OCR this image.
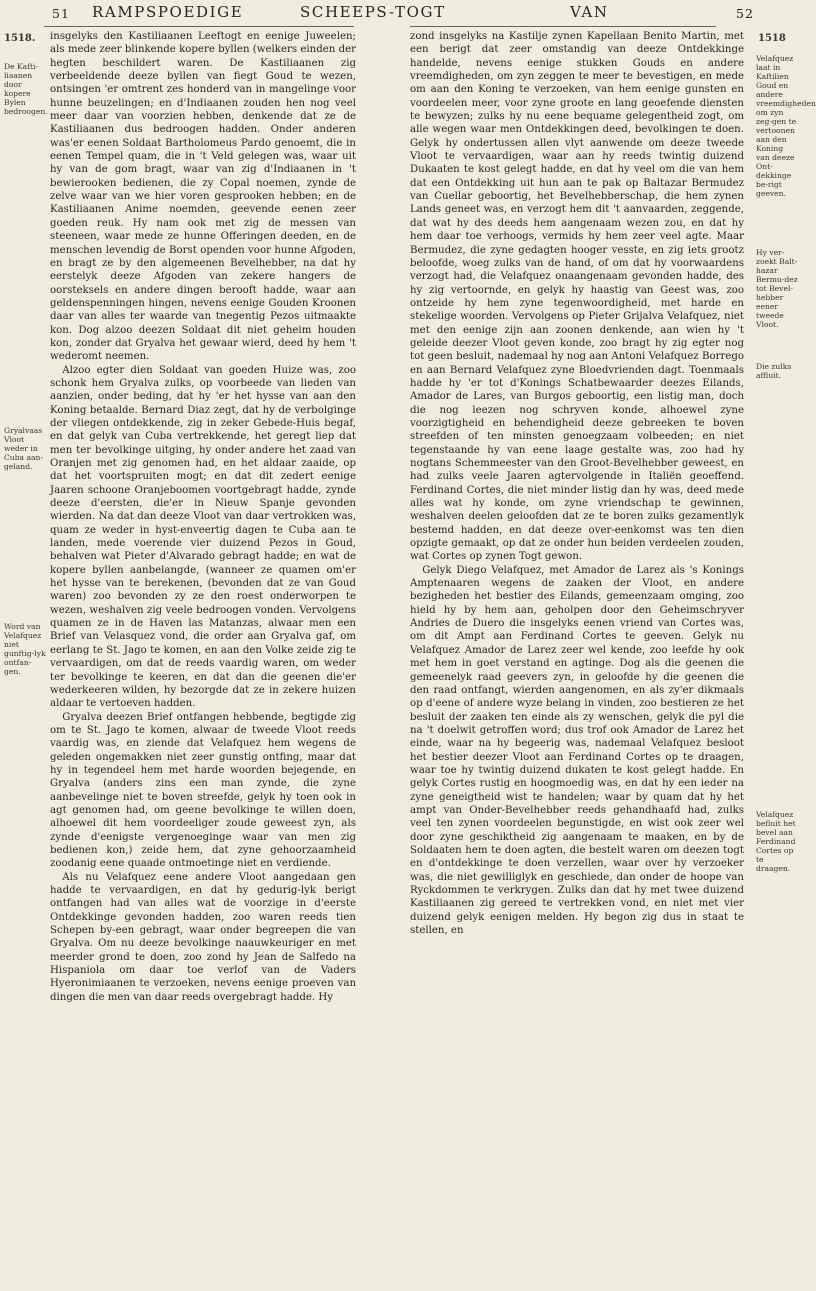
51 RAMPSPOEDIGE	SCHEEPS-TOGT	VAN	52
1518.
De Kafti-liaanen door kopere Bylen bedroogen.
Gryalvaas Vloot weder in Cuba aan-geland.
Word van Velafquez niet gunftig-lyk ontfan-gen.

insgelyks den Kastiliaanen Leeftogt en eenige Juweelen; als mede zeer blinkende kopere byllen (welkers einden der hegten beschildert waren. De Kastiliaanen zig verbeeldende deeze byllen van fiegt Goud te wezen, ontsingen 'er omtrent zes honderd van in mangelinge voor hunne beuzelingen; en d'Indiaanen zouden hen nog veel meer daar van voorzien hebben, denkende dat ze de Kastiliaanen dus bedroogen hadden. Onder anderen was'er eenen Soldaat Bartholomeus Pardo genoemt, die in eenen Tempel quam, die in 't Veld gelegen was, waar uit hy van de gom bragt, waar van zig d'Indiaanen in 't bewierooken bedienen, die zy Copal noemen, zynde de zelve waar van we hier voren gesprooken hebben; en de Kastiliaanen Anime noemden, geevende eenen zeer goeden reuk. Hy nam ook met zig de messen van steeneen, waar mede ze hunne Offeringen deeden, en de menschen levendig de Borst openden voor hunne Afgoden, en bragt ze by den algemeenen Bevelhebber, na dat hy eerstelyk deeze Afgoden van zekere hangers de oorsteksels en andere dingen berooft hadde, waar aan geldenspenningen hingen, nevens eenige Gouden Kroonen daar van alles ter waarde van tnegentig Pezos uitmaakte kon. Dog alzoo deezen Soldaat dit niet geheim houden kon, zonder dat Gryalva het gewaar wierd, deed hy hem 't wederomt neemen.

Alzoo egter dien Soldaat van goeden Huize was, zoo schonk hem Gryalva zulks, op voorbeede van lieden van aanzien, onder beding, dat hy 'er het hysse van aan den Koning betaalde. Bernard Diaz zegt, dat hy de verbolginge der vliegen ontdekkende, zig in zeker Gebede-Huis begaf, en dat gelyk van Cuba vertrekkende, het geregt liep dat men ter bevolkinge uitging, hy onder andere het zaad van Oranjen met zig genomen had, en het aldaar zaaide, op dat het voortspruiten mogt; en dat dit zedert eenige Jaaren schoone Oranjeboomen voortgebragt hadde, zynde deeze d'eersten, die'er in Nieuw Spanje gevonden wierden. Na dat dan deeze Vloot van daar vertrokken was, quam ze weder in hyst-enveertig dagen te Cuba aan te landen, mede voerende vier duizend Pezos in Goud, behalven wat Pieter d'Alvarado gebragt hadde; en wat de kopere byllen aanbelangde, (wanneer ze quamen om'er het hysse van te berekenen, (bevonden dat ze van Goud waren) zoo bevonden zy ze den roest onderworpen te wezen, weshalven zig veele bedroogen vonden. Vervolgens quamen ze in de Haven las Matanzas, alwaar men een Brief van Velasquez vond, die order aan Gryalva gaf, om eerlang te St. Jago te komen, en aan den Volke zeide zig te vervaardigen, om dat de reeds vaardig waren, om weder ter bevolkinge te keeren, en dat dan die geenen die'er wederkeeren wilden, hy bezorgde dat ze in zekere huizen aldaar te vertoeven hadden.

Gryalva deezen Brief ontfangen hebbende, begtigde zig om te St. Jago te komen, alwaar de tweede Vloot reeds vaardig was, en ziende dat Velafquez hem wegens de geleden ongemakken niet zeer gunstig ontfing, maar dat hy in tegendeel hem met harde woorden bejegende, en Gryalva (anders zins een man zynde, die zyne aanbevelinge niet te boven streefde, gelyk hy toen ook in agt genomen had, om geene bevolkinge te willen doen, alhoewel dit hem voordeeliger zoude geweest zyn, als zynde d'eenigste vergenoeginge waar van men zig bedienen kon,) zeide hem, dat zyne gehoorzaamheid zoodanig eene quaade ontmoetinge niet en verdiende.

Als nu Velafquez eene andere Vloot aangedaan gen hadde te vervaardigen, en dat hy gedurig-lyk berigt ontfangen had van alles wat de voorzige in d'eerste Ontdekkinge gevonden hadden, zoo waren reeds tien Schepen by-een gebragt, waar onder begreepen die van Gryalva. Om nu deeze bevolkinge naauwkeuriger en met meerder grond te doen, zoo zond hy Jean de Salfedo na Hispaniola om daar toe verlof van de Vaders Hyeronimiaanen te verzoeken, nevens eenige proeven van dingen die men van daar reeds overgebragt hadde. Hy

1518
Velafquez laat in Kaftilien Goud en andere vreemdigheden om zyn zeg-gen te vertoonen aan den Koning van deeze Ont-dekkinge be-rigt geeven.
Hy ver-zoekt Balt-hazar Bermu-dez tot Bevel-hebber eener tweede Vloot.
Die zulks affluit.
Velafquez befluit het bevel aan Ferdinand Cortes op te draagen.

zond insgelyks na Kastilje zynen Kapellaan Benito Martin, met een berigt dat zeer omstandig van deeze Ontdekkinge handelde, nevens eenige stukken Gouds en andere vreemdigheden, om zyn zeggen te meer te bevestigen, en mede om aan den Koning te verzoeken, van hem eenige gunsten en voordeelen meer, voor zyne groote en lang geoefende diensten te bewyzen; zulks hy nu eene bequame gelegentheid zogt, om alle wegen waar men Ontdekkingen deed, bevolkingen te doen. Gelyk hy ondertussen allen vlyt aanwende om deeze tweede Vloot te vervaardigen, waar aan hy reeds twintig duizend Dukaaten te kost gelegt hadde, en dat hy veel om die van hem dat een Ontdekking uit hun aan te pak op Baltazar Bermudez van Cuellar geboortig, het Bevelhebberschap, die hem zynen Lands geneet was, en verzogt hem dit 't aanvaarden, zeggende, dat wat hy des deeds hem aangenaam wezen zou, en dat hy hem daar toe verhoogs, vermids hy hem zeer veel agte. Maar Bermudez, die zyne gedagten hooger vesste, en zig iets grootz beloofde, woeg zulks van de hand, of om dat hy voorwaardens verzogt had, die Velafquez onaangenaam gevonden hadde, des hy zig vertoornde, en gelyk hy haastig van Geest was, zoo ontzeide hy hem zyne tegenwoordigheid, met harde en stekelige woorden. Vervolgens op Pieter Grijalva Velafquez, niet met den eenige zijn aan zoonen denkende, aan wien hy 't geleide deezer Vloot geven konde, zoo bragt hy zig egter nog tot geen besluit, nademaal hy nog aan Antoni Velafquez Borrego en aan Bernard Velafquez zyne Bloedvrienden dagt. Toenmaals hadde hy 'er tot d'Konings Schatbewaarder deezes Eilands, Amador de Lares, van Burgos geboortig, een listig man, doch die nog leezen nog schryven konde, alhoewel zyne voorzigtigheid en behendigheid deeze gebreeken te boven streefden of ten minsten genoegzaam volbeeden; en niet tegenstaande hy van eene laage gestalte was, zoo had hy nogtans Schemmeester van den Groot-Bevelhebber geweest, en had zulks veele Jaaren agtervolgende in Italiën geoeffend. Ferdinand Cortes, die niet minder listig dan hy was, deed mede alles wat hy konde, om zyne vriendschap te gewinnen, weshalven deelen geloofden dat ze te boren zulks gezamentlyk bestemd hadden, en dat deeze over-eenkomst was ten dien opzigte gemaakt, op dat ze onder hun beiden verdeelen zouden, wat Cortes op zynen Togt gewon.

Gelyk Diego Velafquez, met Amador de Larez als 's Konings Amptenaaren wegens de zaaken der Vloot, en andere bezigheden het bestier des Eilands, gemeenzaam omging, zoo hield hy by hem aan, geholpen door den Geheimschryver Andries de Duero die insgelyks eenen vriend van Cortes was, om dit Ampt aan Ferdinand Cortes te geeven. Gelyk nu Velafquez Amador de Larez zeer wel kende, zoo leefde hy ook met hem in goet verstand en agtinge. Dog als die geenen die gemeenelyk raad geevers zyn, in geloofde hy die geenen die den raad ontfangt, wierden aangenomen, en als zy'er dikmaals op d'eene of andere wyze belang in vinden, zoo bestieren ze het besluit der zaaken ten einde als zy wenschen, gelyk die pyl die na 't doelwit getroffen word; dus trof ook Amador de Larez het einde, waar na hy begeerig was, nademaal Velafquez besloot het bestier deezer Vloot aan Ferdinand Cortes op te draagen, waar toe hy twintig duizend dukaten te kost gelegt hadde. En gelyk Cortes rustig en hoogmoedig was, en dat hy een ieder na zyne geneigtheid wist te handelen; waar by quam dat hy het ampt van Onder-Bevelhebber reeds gehandhaafd had, zulks veel ten zynen voordeelen begunstigde, en wist ook zeer wel door zyne geschiktheid zig aangenaam te maaken, en by de Soldaaten hem te doen agten, die bestelt waren om deezen togt en d'ontdekkinge te doen verzellen, waar over hy verzoeker was, die niet gewilliglyk en geschiede, dan onder de hoope van Ryckdommen te verkrygen. Zulks dan dat hy met twee duizend Kastiliaanen zig gereed te vertrekken vond, en niet met vier duizend gelyk eenigen melden. Hy begon zig dus in staat te stellen, en
